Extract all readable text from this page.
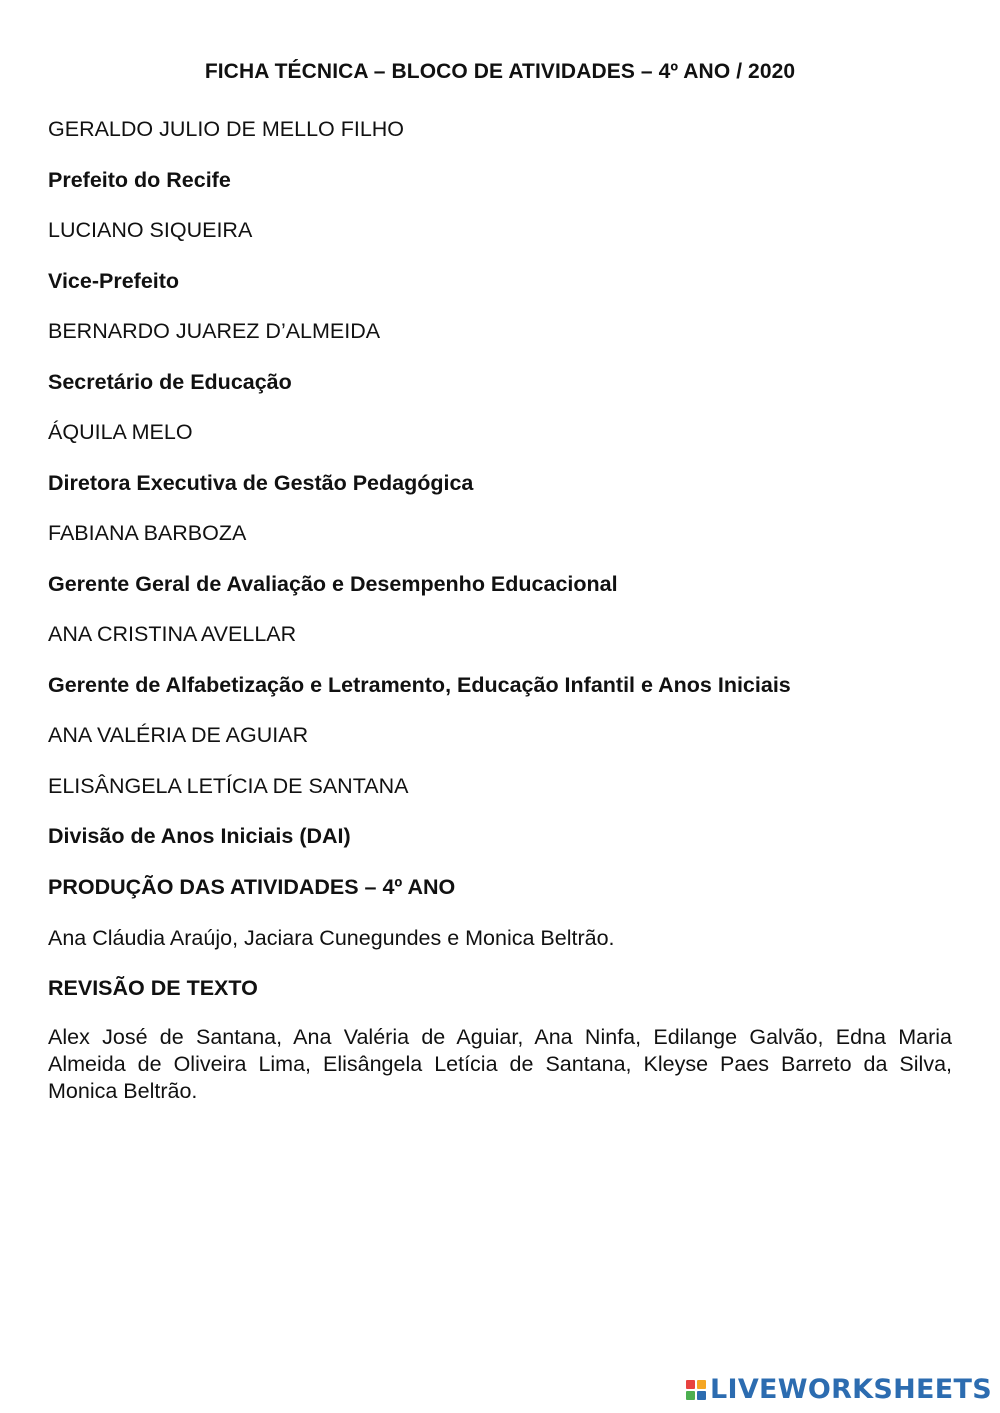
FICHA TÉCNICA – BLOCO DE ATIVIDADES – 4º ANO / 2020
GERALDO JULIO DE MELLO FILHO
Prefeito do Recife
LUCIANO SIQUEIRA
Vice-Prefeito
BERNARDO JUAREZ D’ALMEIDA
Secretário de Educação
ÁQUILA MELO
Diretora Executiva de Gestão Pedagógica
FABIANA BARBOZA
Gerente Geral de Avaliação e Desempenho Educacional
ANA CRISTINA AVELLAR
Gerente de Alfabetização e Letramento, Educação Infantil e Anos Iniciais
ANA VALÉRIA DE AGUIAR
ELISÂNGELA LETÍCIA DE SANTANA
Divisão de Anos Iniciais (DAI)
PRODUÇÃO DAS ATIVIDADES – 4º ANO
Ana Cláudia Araújo, Jaciara Cunegundes e Monica Beltrão.
REVISÃO DE TEXTO
Alex José de Santana, Ana Valéria de Aguiar, Ana Ninfa, Edilange Galvão, Edna Maria Almeida de Oliveira Lima, Elisângela Letícia de Santana, Kleyse Paes Barreto da Silva, Monica Beltrão.
LIVEWORKSHEETS
